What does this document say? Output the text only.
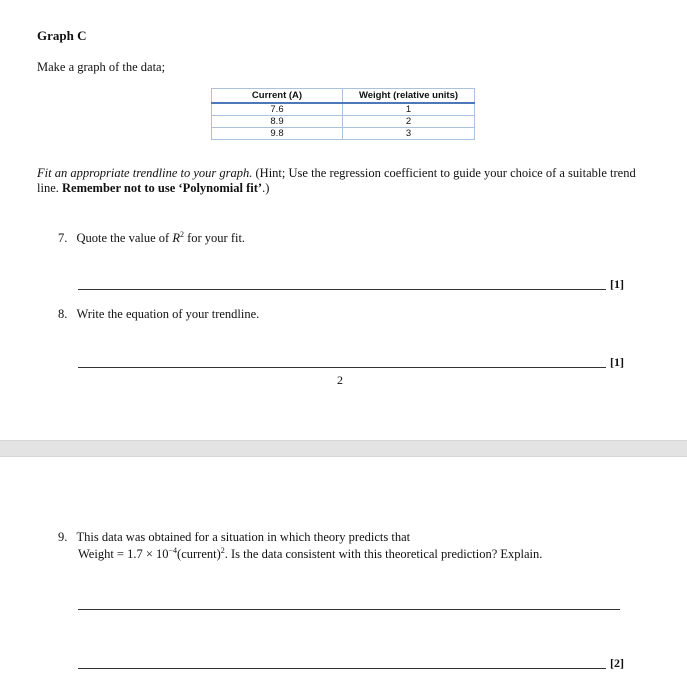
Graph C
Make a graph of the data;
Current (A)	Weight (relative units)
7.6	1
8.9	2
9.8	3
Fit an appropriate trendline to your graph. (Hint; Use the regression coefficient to guide your choice of a suitable trend line. Remember not to use ‘Polynomial fit’.)
7. Quote the value of $R^2$ for your fit.
[1]
8. Write the equation of your trendline.
[1]
2
9. This data was obtained for a situation in which theory predicts that
Weight = $1.7 \times 10^{-4}(current)^2$. Is the data consistent with this theoretical prediction? Explain.
[2]
